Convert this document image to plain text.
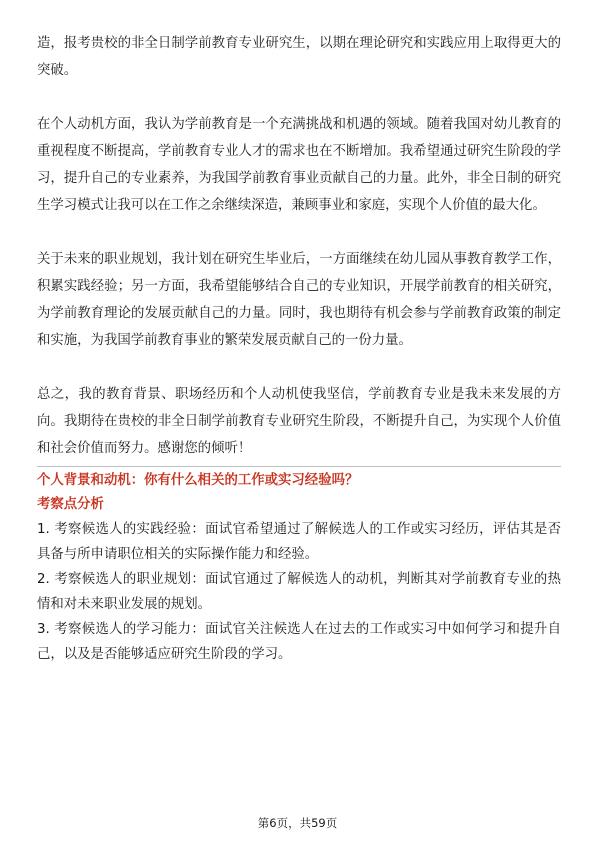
造，报考贵校的非全日制学前教育专业研究生，以期在理论研究和实践应用上取得更大的突破。

在个人动机方面，我认为学前教育是一个充满挑战和机遇的领域。随着我国对幼儿教育的重视程度不断提高，学前教育专业人才的需求也在不断增加。我希望通过研究生阶段的学习，提升自己的专业素养，为我国学前教育事业贡献自己的力量。此外，非全日制的研究生学习模式让我可以在工作之余继续深造，兼顾事业和家庭，实现个人价值的最大化。

关于未来的职业规划，我计划在研究生毕业后，一方面继续在幼儿园从事教育教学工作，积累实践经验；另一方面，我希望能够结合自己的专业知识，开展学前教育的相关研究，为学前教育理论的发展贡献自己的力量。同时，我也期待有机会参与学前教育政策的制定和实施，为我国学前教育事业的繁荣发展贡献自己的一份力量。

总之，我的教育背景、职场经历和个人动机使我坚信，学前教育专业是我未来发展的方向。我期待在贵校的非全日制学前教育专业研究生阶段，不断提升自己，为实现个人价值和社会价值而努力。感谢您的倾听！

个人背景和动机：你有什么相关的工作或实习经验吗？

考察点分析

1. 考察候选人的实践经验：面试官希望通过了解候选人的工作或实习经历，评估其是否具备与所申请职位相关的实际操作能力和经验。

2. 考察候选人的职业规划：面试官通过了解候选人的动机，判断其对学前教育专业的热情和对未来职业发展的规划。

3. 考察候选人的学习能力：面试官关注候选人在过去的工作或实习中如何学习和提升自己，以及是否能够适应研究生阶段的学习。

第6页，共59页
